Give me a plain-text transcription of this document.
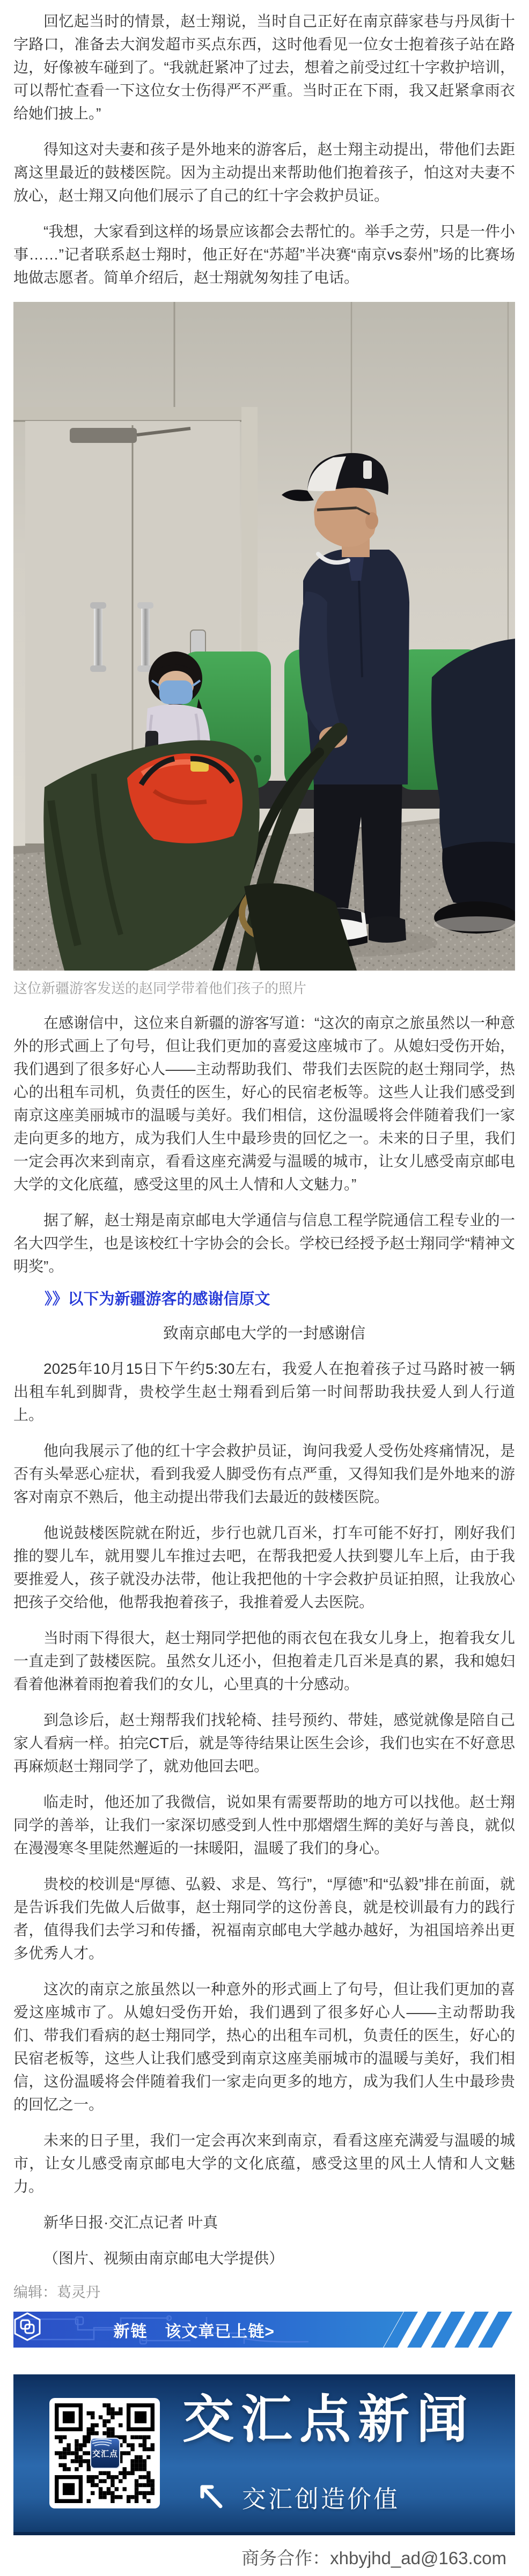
回忆起当时的情景，赵士翔说，当时自己正好在南京薛家巷与丹凤街十字路口，准备去大润发超市买点东西，这时他看见一位女士抱着孩子站在路边，好像被车碰到了。“我就赶紧冲了过去，想着之前受过红十字救护培训，可以帮忙查看一下这位女士伤得严不严重。当时正在下雨，我又赶紧拿雨衣给她们披上。”

得知这对夫妻和孩子是外地来的游客后，赵士翔主动提出，带他们去距离这里最近的鼓楼医院。因为主动提出来帮助他们抱着孩子，怕这对夫妻不放心，赵士翔又向他们展示了自己的红十字会救护员证。

“我想，大家看到这样的场景应该都会去帮忙的。举手之劳，只是一件小事……”记者联系赵士翔时，他正好在“苏超”半决赛“南京vs泰州”场的比赛场地做志愿者。简单介绍后，赵士翔就匆匆挂了电话。

这位新疆游客发送的赵同学带着他们孩子的照片

在感谢信中，这位来自新疆的游客写道：“这次的南京之旅虽然以一种意外的形式画上了句号，但让我们更加的喜爱这座城市了。从媳妇受伤开始，我们遇到了很多好心人——主动帮助我们、带我们去医院的赵士翔同学，热心的出租车司机，负责任的医生，好心的民宿老板等。这些人让我们感受到南京这座美丽城市的温暖与美好。我们相信，这份温暖将会伴随着我们一家走向更多的地方，成为我们人生中最珍贵的回忆之一。未来的日子里，我们一定会再次来到南京，看看这座充满爱与温暖的城市，让女儿感受南京邮电大学的文化底蕴，感受这里的风土人情和人文魅力。”

据了解，赵士翔是南京邮电大学通信与信息工程学院通信工程专业的一名大四学生，也是该校红十字协会的会长。学校已经授予赵士翔同学“精神文明奖”。

》》以下为新疆游客的感谢信原文

致南京邮电大学的一封感谢信

2025年10月15日下午约5:30左右，我爱人在抱着孩子过马路时被一辆出租车轧到脚背，贵校学生赵士翔看到后第一时间帮助我扶爱人到人行道上。

他向我展示了他的红十字会救护员证，询问我爱人受伤处疼痛情况，是否有头晕恶心症状，看到我爱人脚受伤有点严重，又得知我们是外地来的游客对南京不熟后，他主动提出带我们去最近的鼓楼医院。

他说鼓楼医院就在附近，步行也就几百米，打车可能不好打，刚好我们推的婴儿车，就用婴儿车推过去吧，在帮我把爱人扶到婴儿车上后，由于我要推爱人，孩子就没办法带，他让我把他的十字会救护员证拍照，让我放心把孩子交给他，他帮我抱着孩子，我推着爱人去医院。

当时雨下得很大，赵士翔同学把他的雨衣包在我女儿身上，抱着我女儿一直走到了鼓楼医院。虽然女儿还小，但抱着走几百米是真的累，我和媳妇看着他淋着雨抱着我们的女儿，心里真的十分感动。

到急诊后，赵士翔帮我们找轮椅、挂号预约、带娃，感觉就像是陪自己家人看病一样。拍完CT后，就是等待结果让医生会诊，我们也实在不好意思再麻烦赵士翔同学了，就劝他回去吧。

临走时，他还加了我微信，说如果有需要帮助的地方可以找他。赵士翔同学的善举，让我们一家深切感受到人性中那熠熠生辉的美好与善良，就似在漫漫寒冬里陡然邂逅的一抹暖阳，温暖了我们的身心。

贵校的校训是“厚德、弘毅、求是、笃行”，“厚德”和“弘毅”排在前面，就是告诉我们先做人后做事，赵士翔同学的这份善良，就是校训最有力的践行者，值得我们去学习和传播，祝福南京邮电大学越办越好，为祖国培养出更多优秀人才。

这次的南京之旅虽然以一种意外的形式画上了句号，但让我们更加的喜爱这座城市了。从媳妇受伤开始，我们遇到了很多好心人——主动帮助我们、带我们看病的赵士翔同学，热心的出租车司机，负责任的医生，好心的民宿老板等，这些人让我们感受到南京这座美丽城市的温暖与美好，我们相信，这份温暖将会伴随着我们一家走向更多的地方，成为我们人生中最珍贵的回忆之一。

未来的日子里，我们一定会再次来到南京，看看这座充满爱与温暖的城市，让女儿感受南京邮电大学的文化底蕴，感受这里的风土人情和人文魅力。

新华日报·交汇点记者 叶真

（图片、视频由南京邮电大学提供）

编辑：葛灵丹

新链 该文章已上链>
交汇点
交汇点新闻
交汇创造价值
商务合作：xhbyjhd_ad@163.com
